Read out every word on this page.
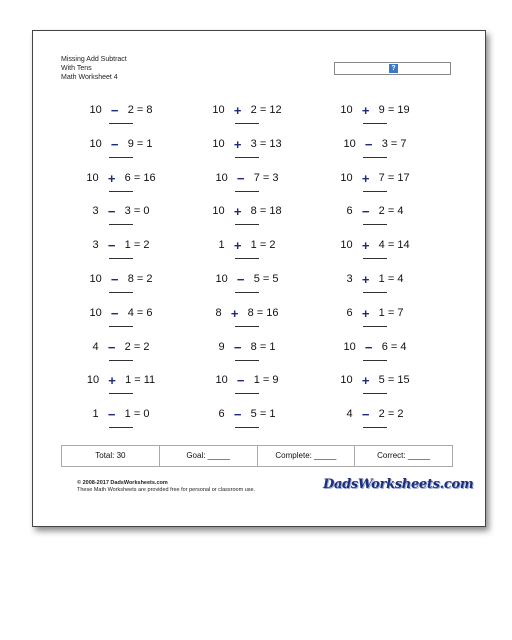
Missing Add Subtract
With Tens
Math Worksheet 4
?
10 − 2 = 8
10 − 9 = 1
10 + 6 = 16
3 − 3 = 0
3 − 1 = 2
10 − 8 = 2
10 − 4 = 6
4 − 2 = 2
10 + 1 = 11
1 − 1 = 0
10 + 2 = 12
10 + 3 = 13
10 − 7 = 3
10 + 8 = 18
1 + 1 = 2
10 − 5 = 5
8 + 8 = 16
9 − 8 = 1
10 − 1 = 9
6 − 5 = 1
10 + 9 = 19
10 − 3 = 7
10 + 7 = 17
6 − 2 = 4
10 + 4 = 14
3 + 1 = 4
6 + 1 = 7
10 − 6 = 4
10 + 5 = 15
4 − 2 = 2
Total: 30	Goal: _____	Complete: _____	Correct: _____
© 2008-2017 DadsWorksheets.com
These Math Worksheets are provided free for personal or classroom use.	DadsWorksheets.com
